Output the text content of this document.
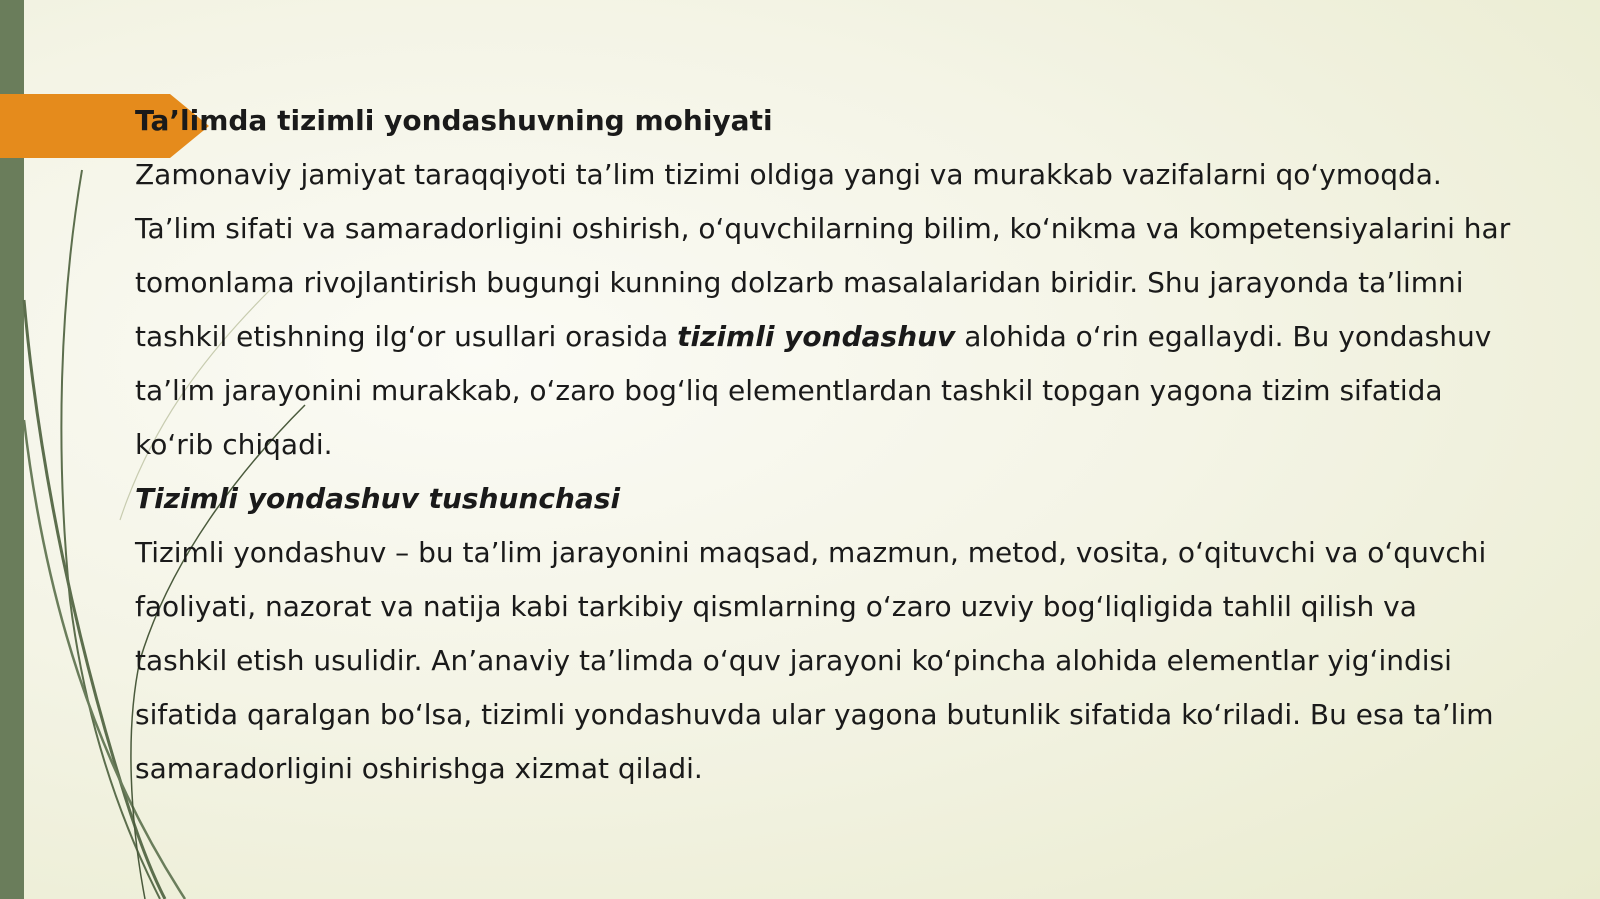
Ta’limda tizimli yondashuvning mohiyati

Zamonaviy jamiyat taraqqiyoti ta’lim tizimi oldiga yangi va murakkab vazifalarni qo‘ymoqda. Ta’lim sifati va samaradorligini oshirish, o‘quvchilarning bilim, ko‘nikma va kompetensiyalarini har tomonlama rivojlantirish bugungi kunning dolzarb masalalaridan biridir. Shu jarayonda ta’limni tashkil etishning ilg‘or usullari orasida tizimli yondashuv alohida o‘rin egallaydi. Bu yondashuv ta’lim jarayonini murakkab, o‘zaro bog‘liq elementlardan tashkil topgan yagona tizim sifatida ko‘rib chiqadi.

Tizimli yondashuv tushunchasi

Tizimli yondashuv – bu ta’lim jarayonini maqsad, mazmun, metod, vosita, o‘qituvchi va o‘quvchi faoliyati, nazorat va natija kabi tarkibiy qismlarning o‘zaro uzviy bog‘liqligida tahlil qilish va tashkil etish usulidir. An’anaviy ta’limda o‘quv jarayoni ko‘pincha alohida elementlar yig‘indisi sifatida qaralgan bo‘lsa, tizimli yondashuvda ular yagona butunlik sifatida ko‘riladi. Bu esa ta’lim samaradorligini oshirishga xizmat qiladi.
